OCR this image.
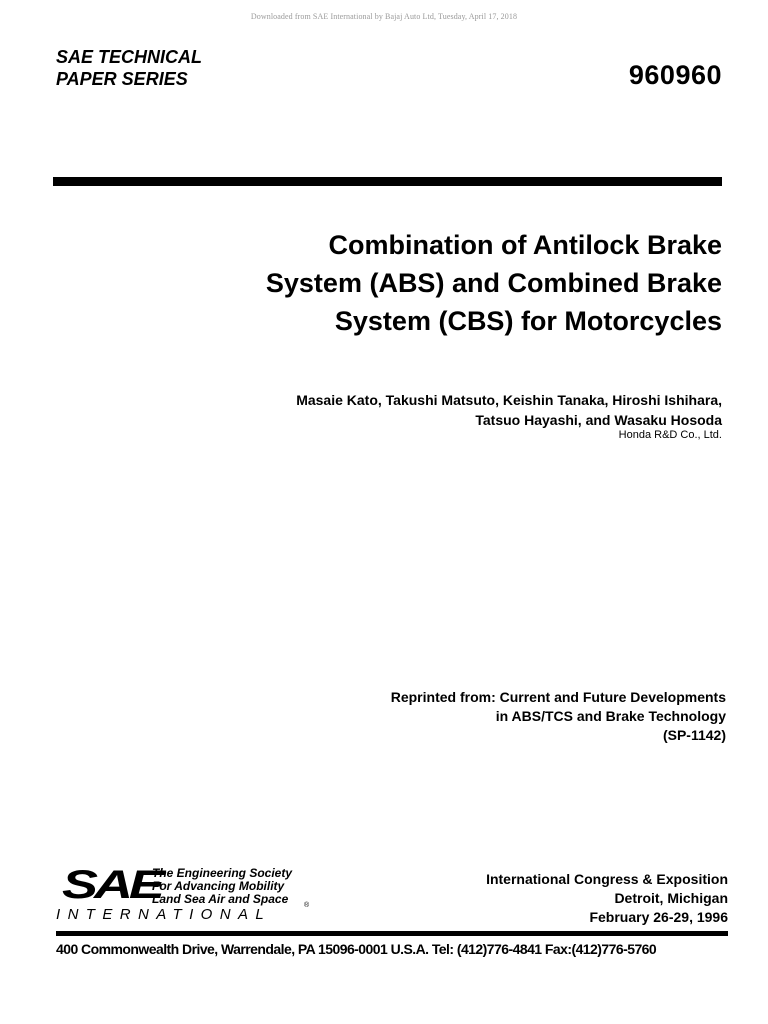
Downloaded from SAE International by Bajaj Auto Ltd, Tuesday, April 17, 2018
SAE TECHNICAL
PAPER SERIES	960960
Combination of Antilock Brake
System (ABS) and Combined Brake
System (CBS) for Motorcycles
Masaie Kato, Takushi Matsuto, Keishin Tanaka, Hiroshi Ishihara,
Tatsuo Hayashi, and Wasaku Hosoda
Honda R&D Co., Ltd.
Reprinted from: Current and Future Developments
in ABS/TCS and Brake Technology
(SP-1142)
SAE
The Engineering Society
For Advancing Mobility
Land Sea Air and Space
INTERNATIONAL
®
International Congress & Exposition
Detroit, Michigan
February 26-29, 1996
400 Commonwealth Drive, Warrendale, PA 15096-0001 U.S.A. Tel: (412)776-4841 Fax:(412)776-5760
